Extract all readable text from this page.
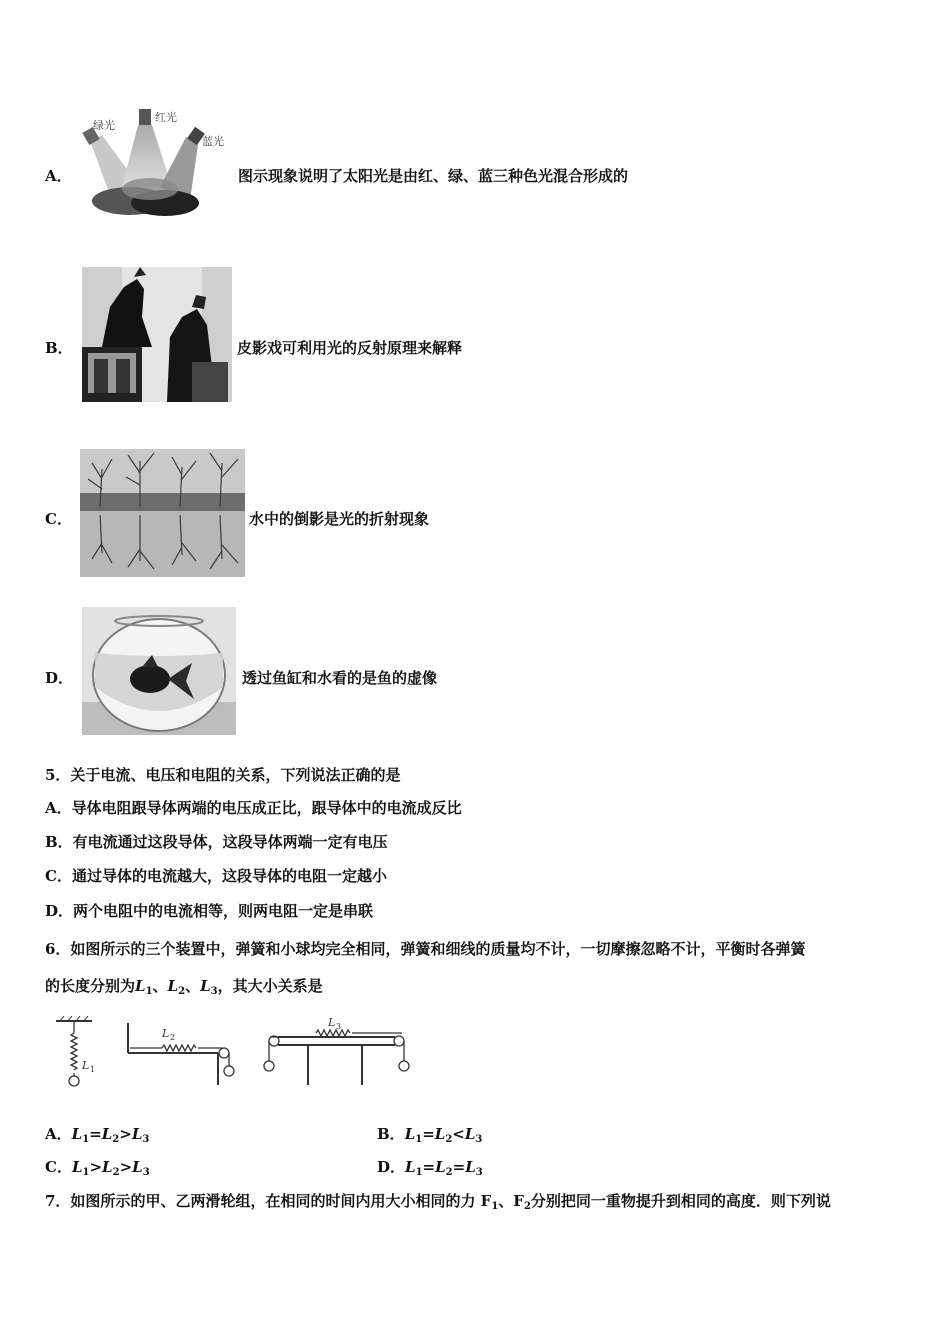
A．
绿光
红光
蓝光
图示现象说明了太阳光是由红、绿、蓝三种色光混合形成的
B．	皮影戏可利用光的反射原理来解释
C．	水中的倒影是光的折射现象
D．	透过鱼缸和水看的是鱼的虚像
5．关于电流、电压和电阻的关系，下列说法正确的是
A．导体电阻跟导体两端的电压成正比，跟导体中的电流成反比
B．有电流通过这段导体，这段导体两端一定有电压
C．通过导体的电流越大，这段导体的电阻一定越小
D．两个电阻中的电流相等，则两电阻一定是串联
6．如图所示的三个装置中，弹簧和小球均完全相同，弹簧和细线的质量均不计，一切摩擦忽略不计，平衡时各弹簧
的长度分别为$L_1$、$L_2$、$L_3$，其大小关系是
L 1
L 2
L 3
A．$L_1=L_2>L_3$	B．$L_1=L_2<L_3$
C．$L_1>L_2>L_3$	D．$L_1=L_2=L_3$
7．如图所示的甲、乙两滑轮组，在相同的时间内用大小相同的力 $F_1$、$F_2$分别把同一重物提升到相同的高度．则下列说
